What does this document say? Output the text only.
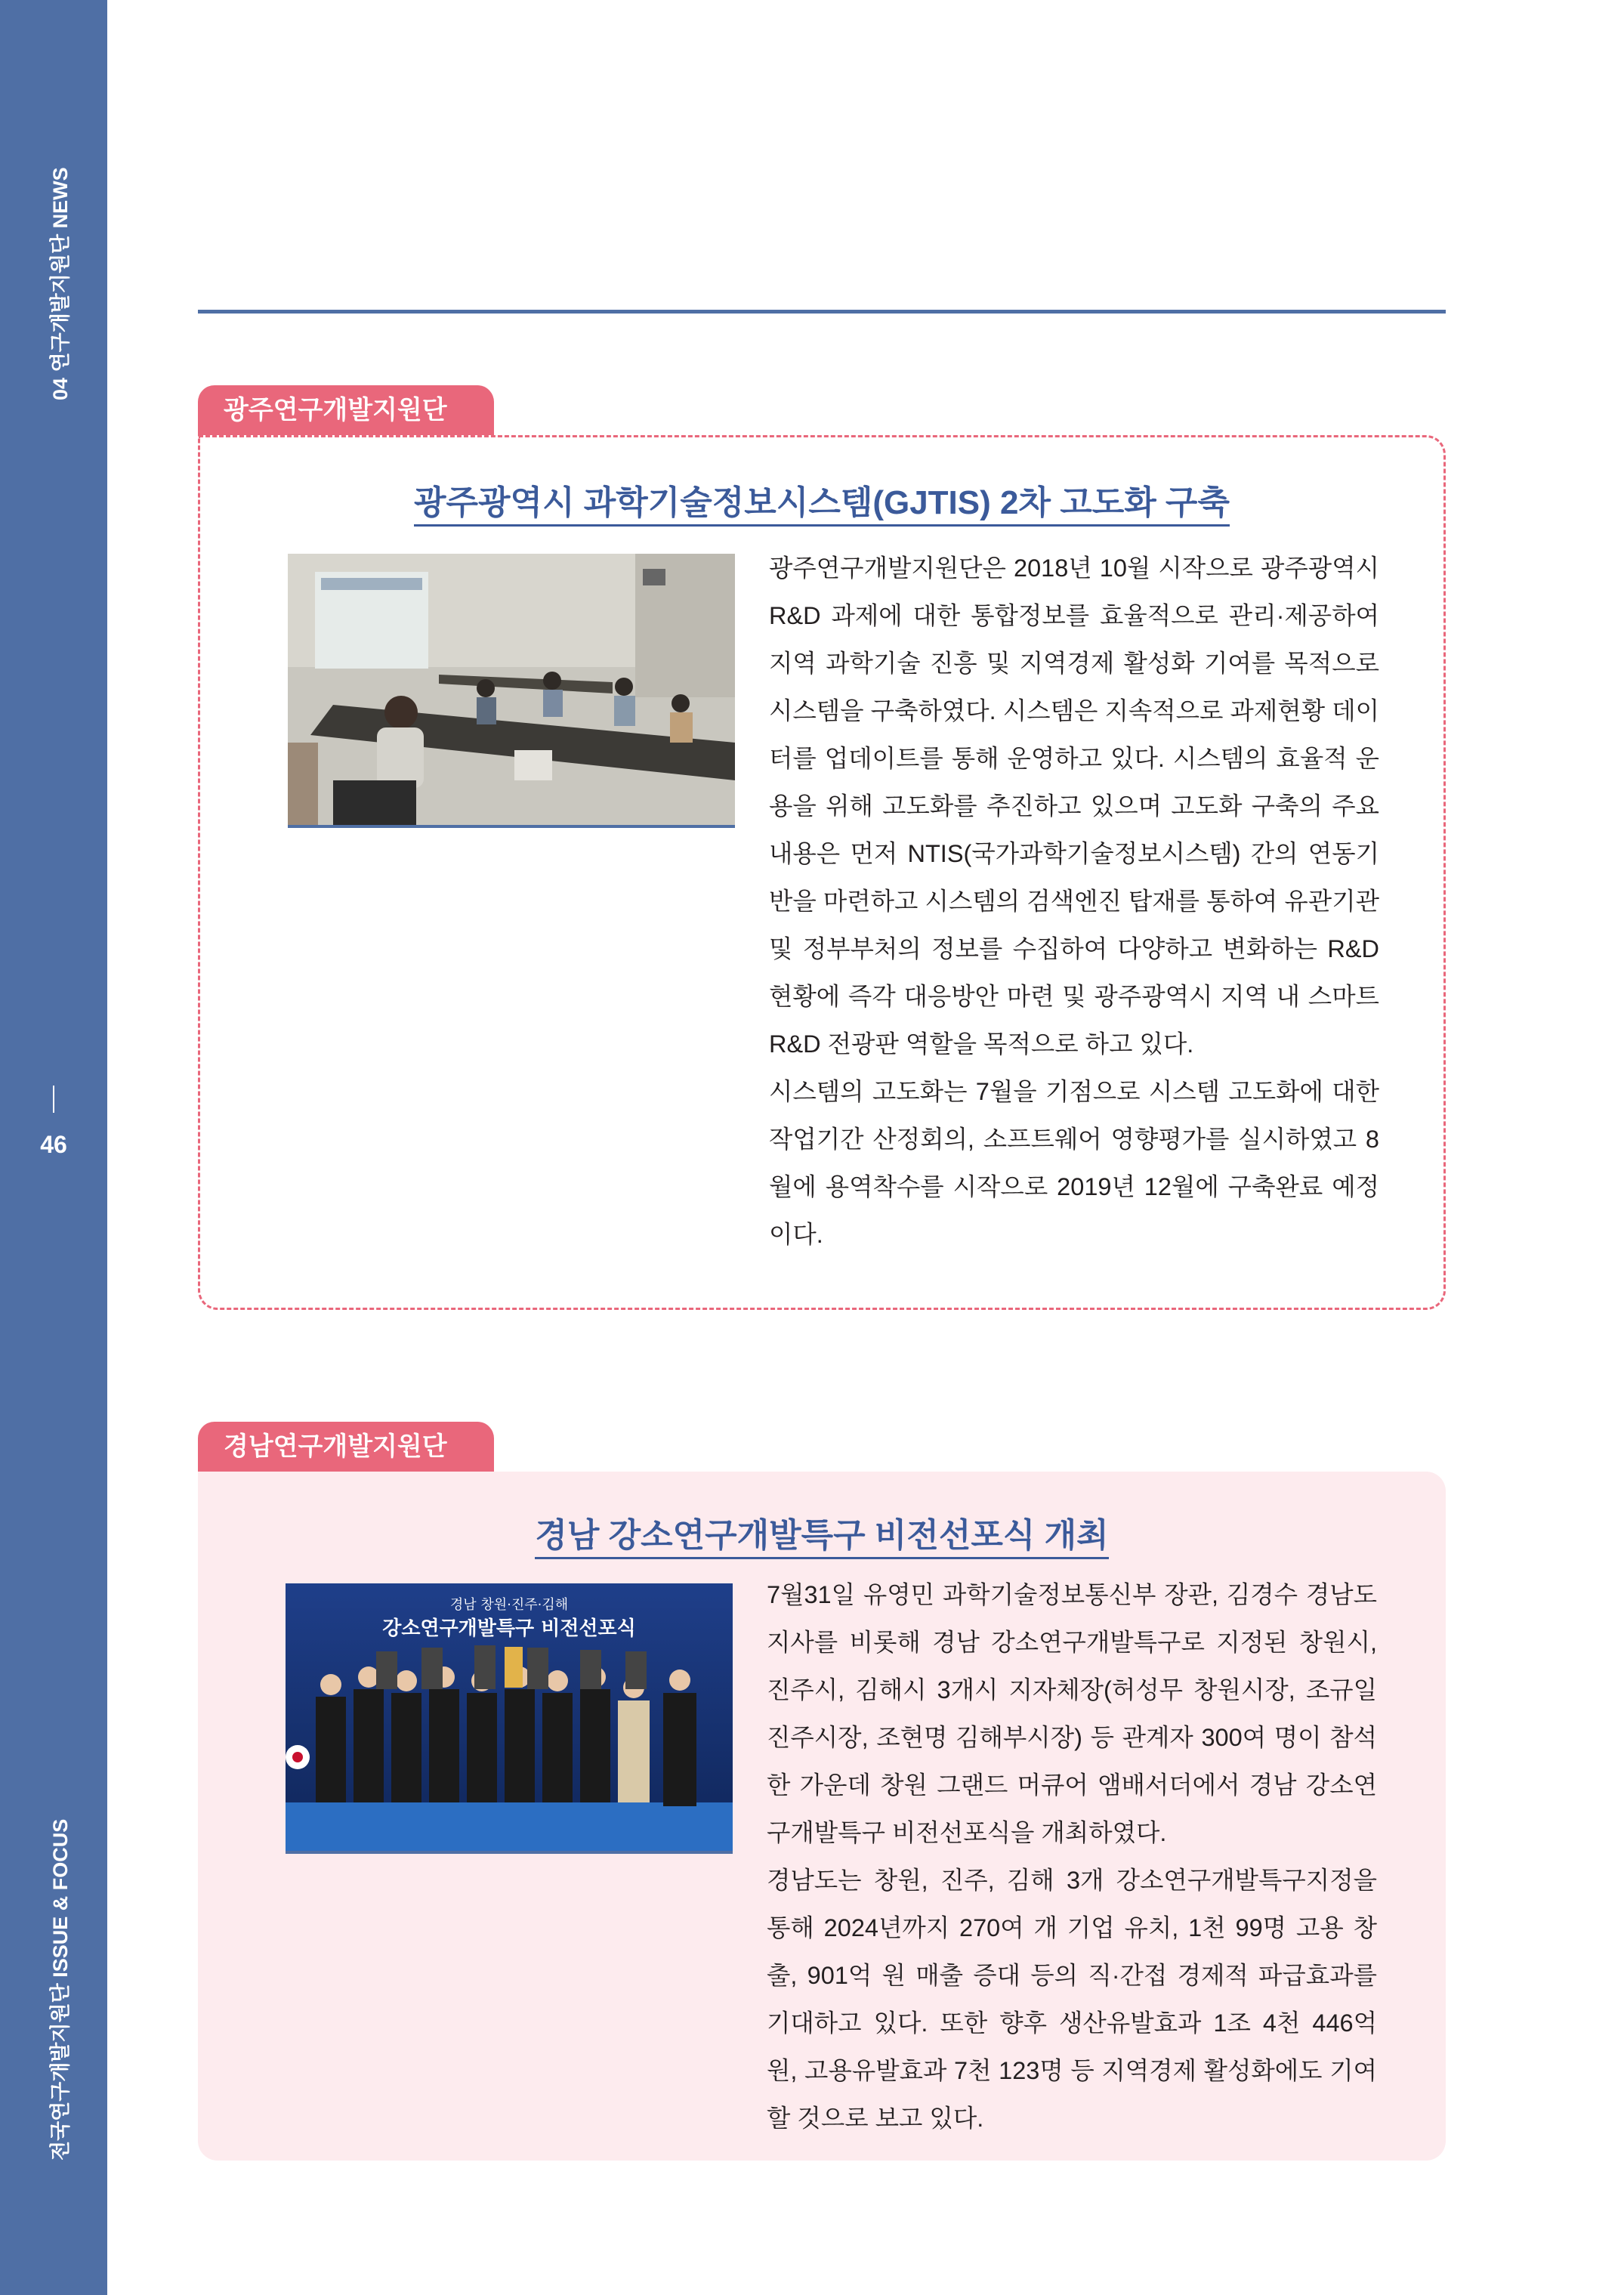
04 연구개발지원단 NEWS
46
전국연구개발지원단 ISSUE & FOCUS
광주연구개발지원단
광주광역시 과학기술정보시스템(GJTIS) 2차 고도화 구축

광주연구개발지원단은 2018년 10월 시작으로 광주광역시 R&D 과제에 대한 통합정보를 효율적으로 관리·제공하여 지역 과학기술 진흥 및 지역경제 활성화 기여를 목적으로 시스템을 구축하였다. 시스템은 지속적으로 과제현황 데이터를 업데이트를 통해 운영하고 있다. 시스템의 효율적 운용을 위해 고도화를 추진하고 있으며 고도화 구축의 주요내용은 먼저 NTIS(국가과학기술정보시스템) 간의 연동기반을 마련하고 시스템의 검색엔진 탑재를 통하여 유관기관 및 정부부처의 정보를 수집하여 다양하고 변화하는 R&D 현황에 즉각 대응방안 마련 및 광주광역시 지역 내 스마트 R&D 전광판 역할을 목적으로 하고 있다.

시스템의 고도화는 7월을 기점으로 시스템 고도화에 대한 작업기간 산정회의, 소프트웨어 영향평가를 실시하였고 8월에 용역착수를 시작으로 2019년 12월에 구축완료 예정이다.

경남연구개발지원단
경남 강소연구개발특구 비전선포식 개최
경남 창원·진주·김해
강소연구개발특구 비전선포식

7월31일 유영민 과학기술정보통신부 장관, 김경수 경남도지사를 비롯해 경남 강소연구개발특구로 지정된 창원시, 진주시, 김해시 3개시 지자체장(허성무 창원시장, 조규일 진주시장, 조현명 김해부시장) 등 관계자 300여 명이 참석한 가운데 창원 그랜드 머큐어 앰배서더에서 경남 강소연구개발특구 비전선포식을 개최하였다.

경남도는 창원, 진주, 김해 3개 강소연구개발특구지정을 통해 2024년까지 270여 개 기업 유치, 1천 99명 고용 창출, 901억 원 매출 증대 등의 직·간접 경제적 파급효과를 기대하고 있다. 또한 향후 생산유발효과 1조 4천 446억 원, 고용유발효과 7천 123명 등 지역경제 활성화에도 기여할 것으로 보고 있다.
